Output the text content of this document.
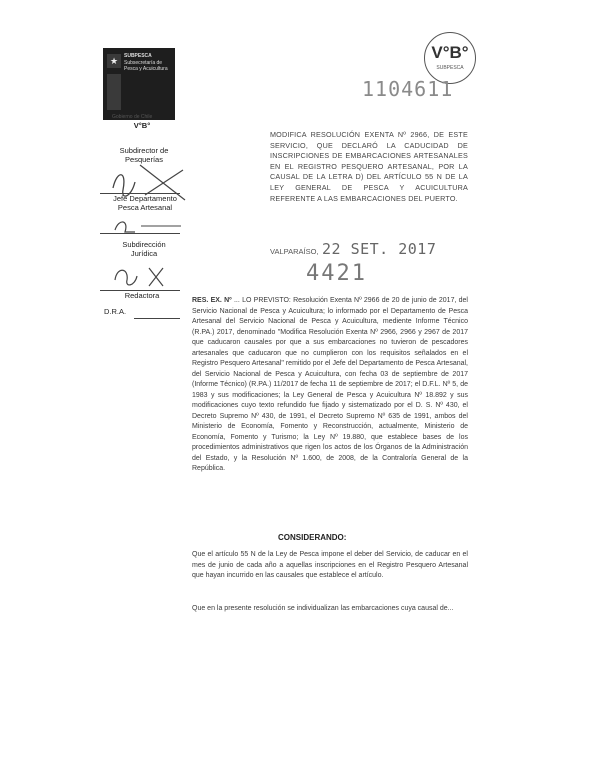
★ SUBPESCA
Subsecretaría de
Pesca y Acuicultura
Gobierno de Chile
V°B°
SUBPESCA
1104611
V°B°
Subdirector de
Pesquerías
Jefe Departamento
Pesca Artesanal
Subdirección
Jurídica
Redactora
D.R.A.
MODIFICA RESOLUCIÓN EXENTA Nº 2966, DE ESTE SERVICIO, QUE DECLARÓ LA CADUCIDAD DE INSCRIPCIONES DE EMBARCACIONES ARTESANALES EN EL REGISTRO PESQUERO ARTESANAL, POR LA CAUSAL DE LA LETRA D) DEL ARTÍCULO 55 N DE LA LEY GENERAL DE PESCA Y ACUICULTURA REFERENTE A LAS EMBARCACIONES DEL PUERTO.
VALPARAÍSO, 22 SET. 2017
4421
RES. EX. Nº ... LO PREVISTO: Resolución Exenta Nº 2966 de 20 de junio de 2017, del Servicio Nacional de Pesca y Acuicultura; lo informado por el Departamento de Pesca Artesanal del Servicio Nacional de Pesca y Acuicultura, mediente Informe Técnico (R.PA.) 2017, denominado "Modifica Resolución Exenta Nº 2966, 2966 y 2967 de 2017 que caducaron causales por que a sus embarcaciones no tuvieron de pescadores artesanales que caducaron que no cumplieron con los requisitos señalados en el Registro Pesquero Artesanal" remitido por el Jefe del Departamento de Pesca Artesanal, del Servicio Nacional de Pesca y Acuicultura, con fecha 03 de septiembre de 2017 (Informe Técnico) (R.PA.) 11/2017 de fecha 11 de septiembre de 2017; el D.F.L. Nº 5, de 1983 y sus modificaciones; la Ley General de Pesca y Acuicultura Nº 18.892 y sus modificaciones cuyo texto refundido fue fijado y sistematizado por el D. S. Nº 430, el Decreto Supremo Nº 430, de 1991, el Decreto Supremo Nº 635 de 1991, ambos del Ministerio de Economía, Fomento y Reconstrucción, actualmente, Ministerio de Economía, Fomento y Turismo; la Ley Nº 19.880, que establece bases de los procedimientos administrativos que rigen los actos de los Órganos de la Administración del Estado, y la Resolución Nº 1.600, de 2008, de la Contraloría General de la República.
CONSIDERANDO:
Que el artículo 55 N de la Ley de Pesca impone el deber del Servicio, de caducar en el mes de junio de cada año a aquellas inscripciones en el Registro Pesquero Artesanal que hayan incurrido en las causales que establece el artículo.
Que en la presente resolución se individualizan las embarcaciones cuya causal de...
